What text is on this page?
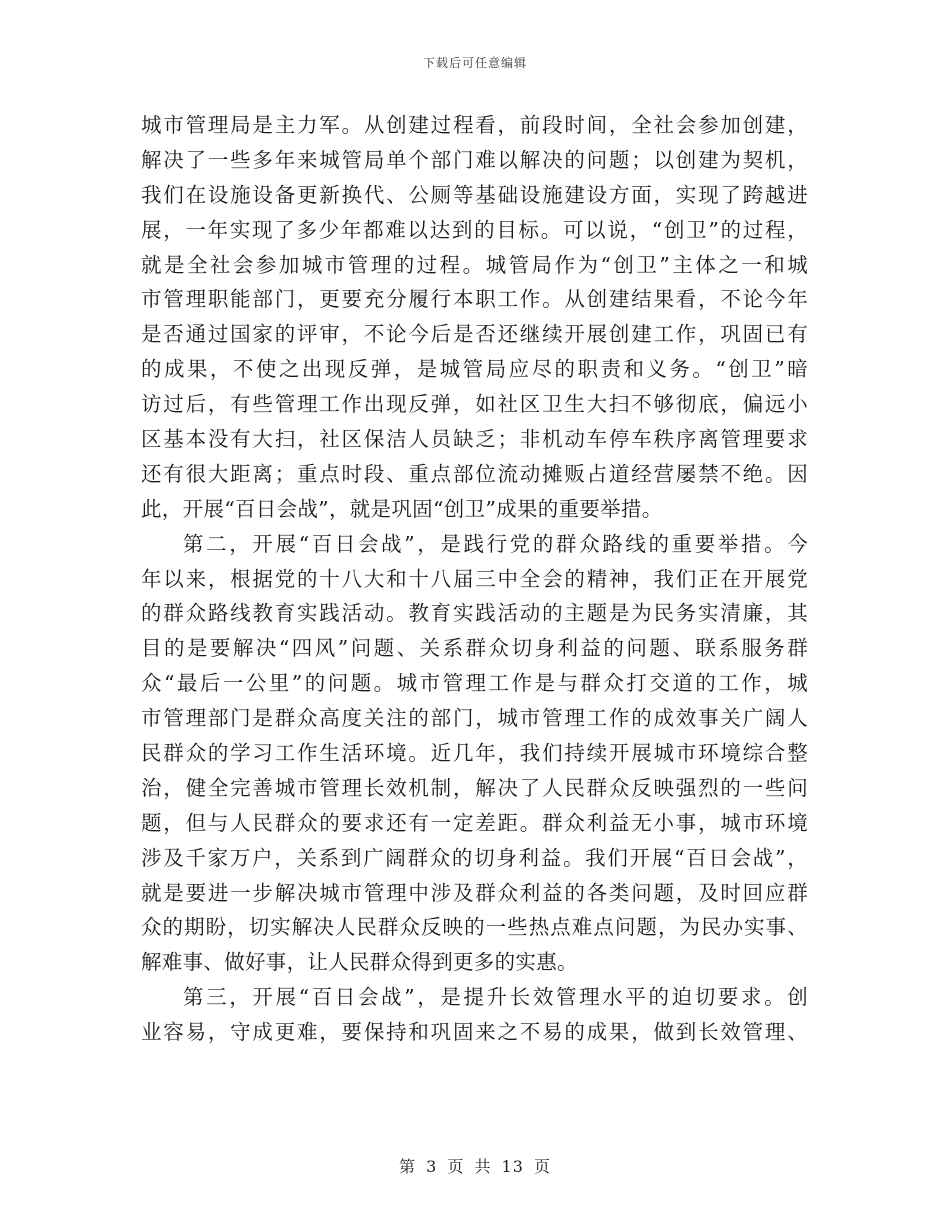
下载后可任意编辑
城市管理局是主力军。从创建过程看，前段时间，全社会参加创建，
解决了一些多年来城管局单个部门难以解决的问题；以创建为契机，
我们在设施设备更新换代、公厕等基础设施建设方面，实现了跨越进
展，一年实现了多少年都难以达到的目标。可以说，“创卫”的过程，
就是全社会参加城市管理的过程。城管局作为“创卫”主体之一和城
市管理职能部门，更要充分履行本职工作。从创建结果看，不论今年
是否通过国家的评审，不论今后是否还继续开展创建工作，巩固已有
的成果，不使之出现反弹，是城管局应尽的职责和义务。“创卫”暗
访过后，有些管理工作出现反弹，如社区卫生大扫不够彻底，偏远小
区基本没有大扫，社区保洁人员缺乏；非机动车停车秩序离管理要求
还有很大距离；重点时段、重点部位流动摊贩占道经营屡禁不绝。因
此，开展“百日会战”，就是巩固“创卫”成果的重要举措。
第二，开展“百日会战”，是践行党的群众路线的重要举措。今
年以来，根据党的十八大和十八届三中全会的精神，我们正在开展党
的群众路线教育实践活动。教育实践活动的主题是为民务实清廉，其
目的是要解决“四风”问题、关系群众切身利益的问题、联系服务群
众“最后一公里”的问题。城市管理工作是与群众打交道的工作，城
市管理部门是群众高度关注的部门，城市管理工作的成效事关广阔人
民群众的学习工作生活环境。近几年，我们持续开展城市环境综合整
治，健全完善城市管理长效机制，解决了人民群众反映强烈的一些问
题，但与人民群众的要求还有一定差距。群众利益无小事，城市环境
涉及千家万户，关系到广阔群众的切身利益。我们开展“百日会战”，
就是要进一步解决城市管理中涉及群众利益的各类问题，及时回应群
众的期盼，切实解决人民群众反映的一些热点难点问题，为民办实事、
解难事、做好事，让人民群众得到更多的实惠。
第三，开展“百日会战”，是提升长效管理水平的迫切要求。创
业容易，守成更难，要保持和巩固来之不易的成果，做到长效管理、
第 3 页 共 13 页
